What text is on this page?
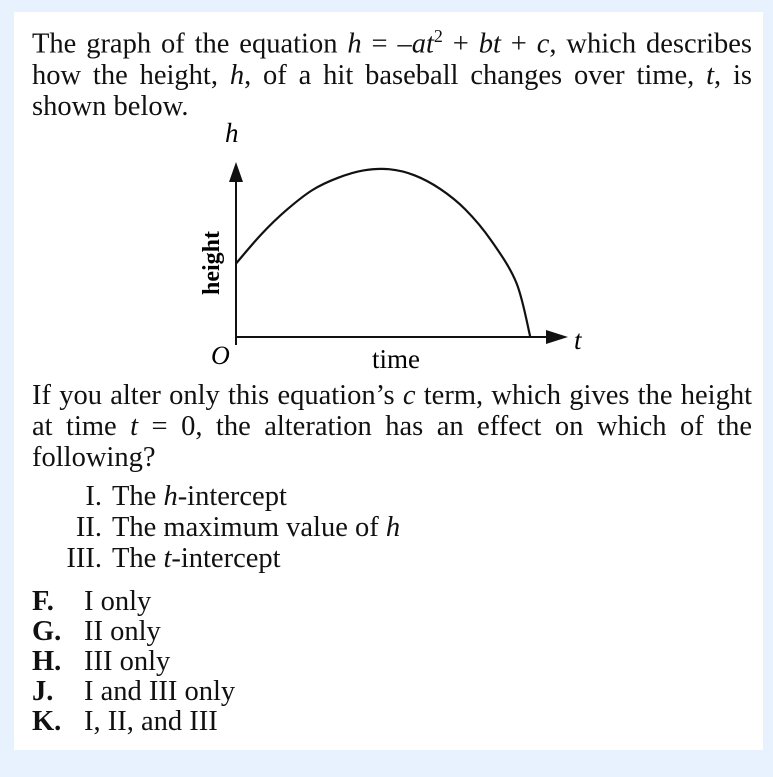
The graph of the equation $h = -at^2$ + bt + c, which describes how the height, h, of a hit baseball changes over time, t, is shown below.
h
t
O	time
height
If you alter only this equation’s c term, which gives the height at time t = 0, the alteration has an effect on which of the following?
I. The h-intercept
II. The maximum value of h
III. The t-intercept
F. I only
G. II only
H. III only
J. I and III only
K. I, II, and III
